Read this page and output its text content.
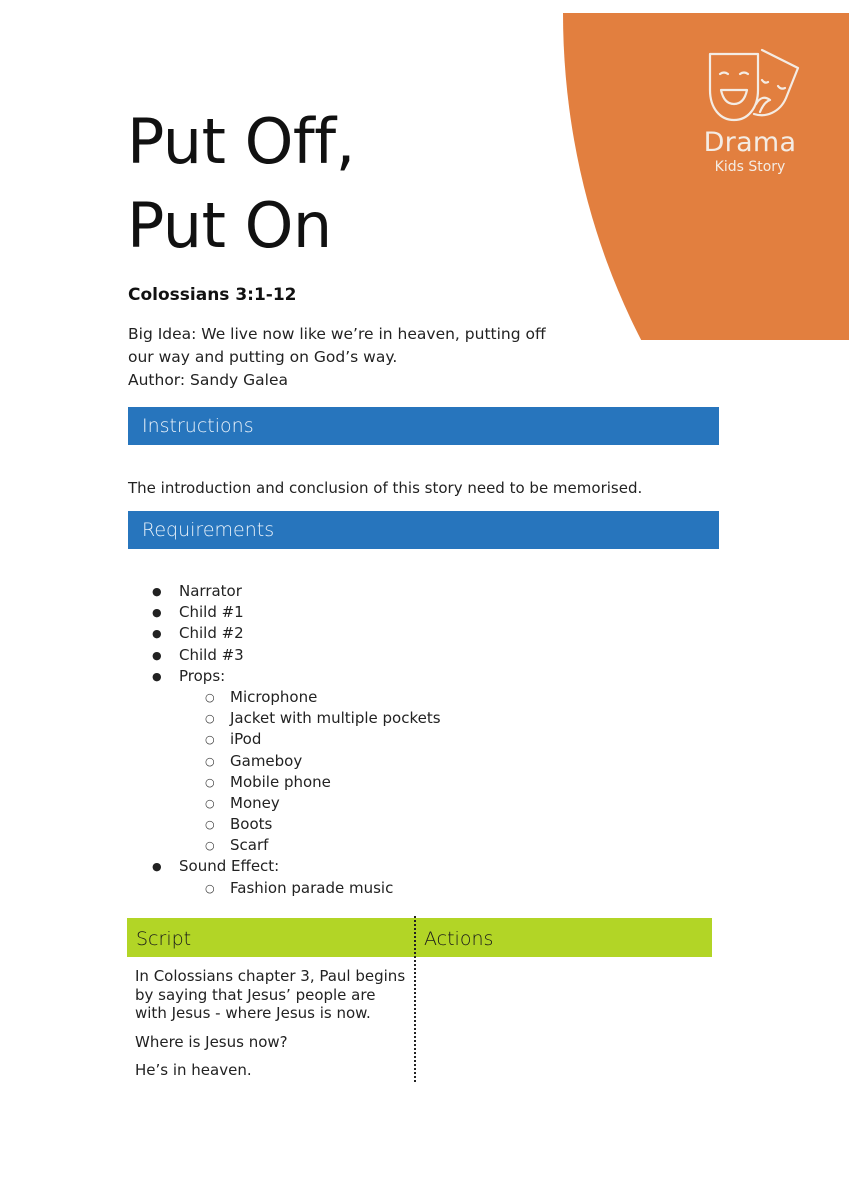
Drama
Kids Story
Put Off,
Put On
Colossians 3:1-12
Big Idea: We live now like we’re in heaven, putting off
our way and putting on God’s way.
Author: Sandy Galea
Instructions
The introduction and conclusion of this story need to be memorised.
Requirements
● Narrator
● Child #1
● Child #2
● Child #3
● Props:
○ Microphone
○ Jacket with multiple pockets
○ iPod
○ Gameboy
○ Mobile phone
○ Money
○ Boots
○ Scarf
● Sound Effect:
○ Fashion parade music
Script	Actions

In Colossians chapter 3, Paul begins by saying that Jesus’ people are with Jesus - where Jesus is now.

Where is Jesus now?

He’s in heaven.
